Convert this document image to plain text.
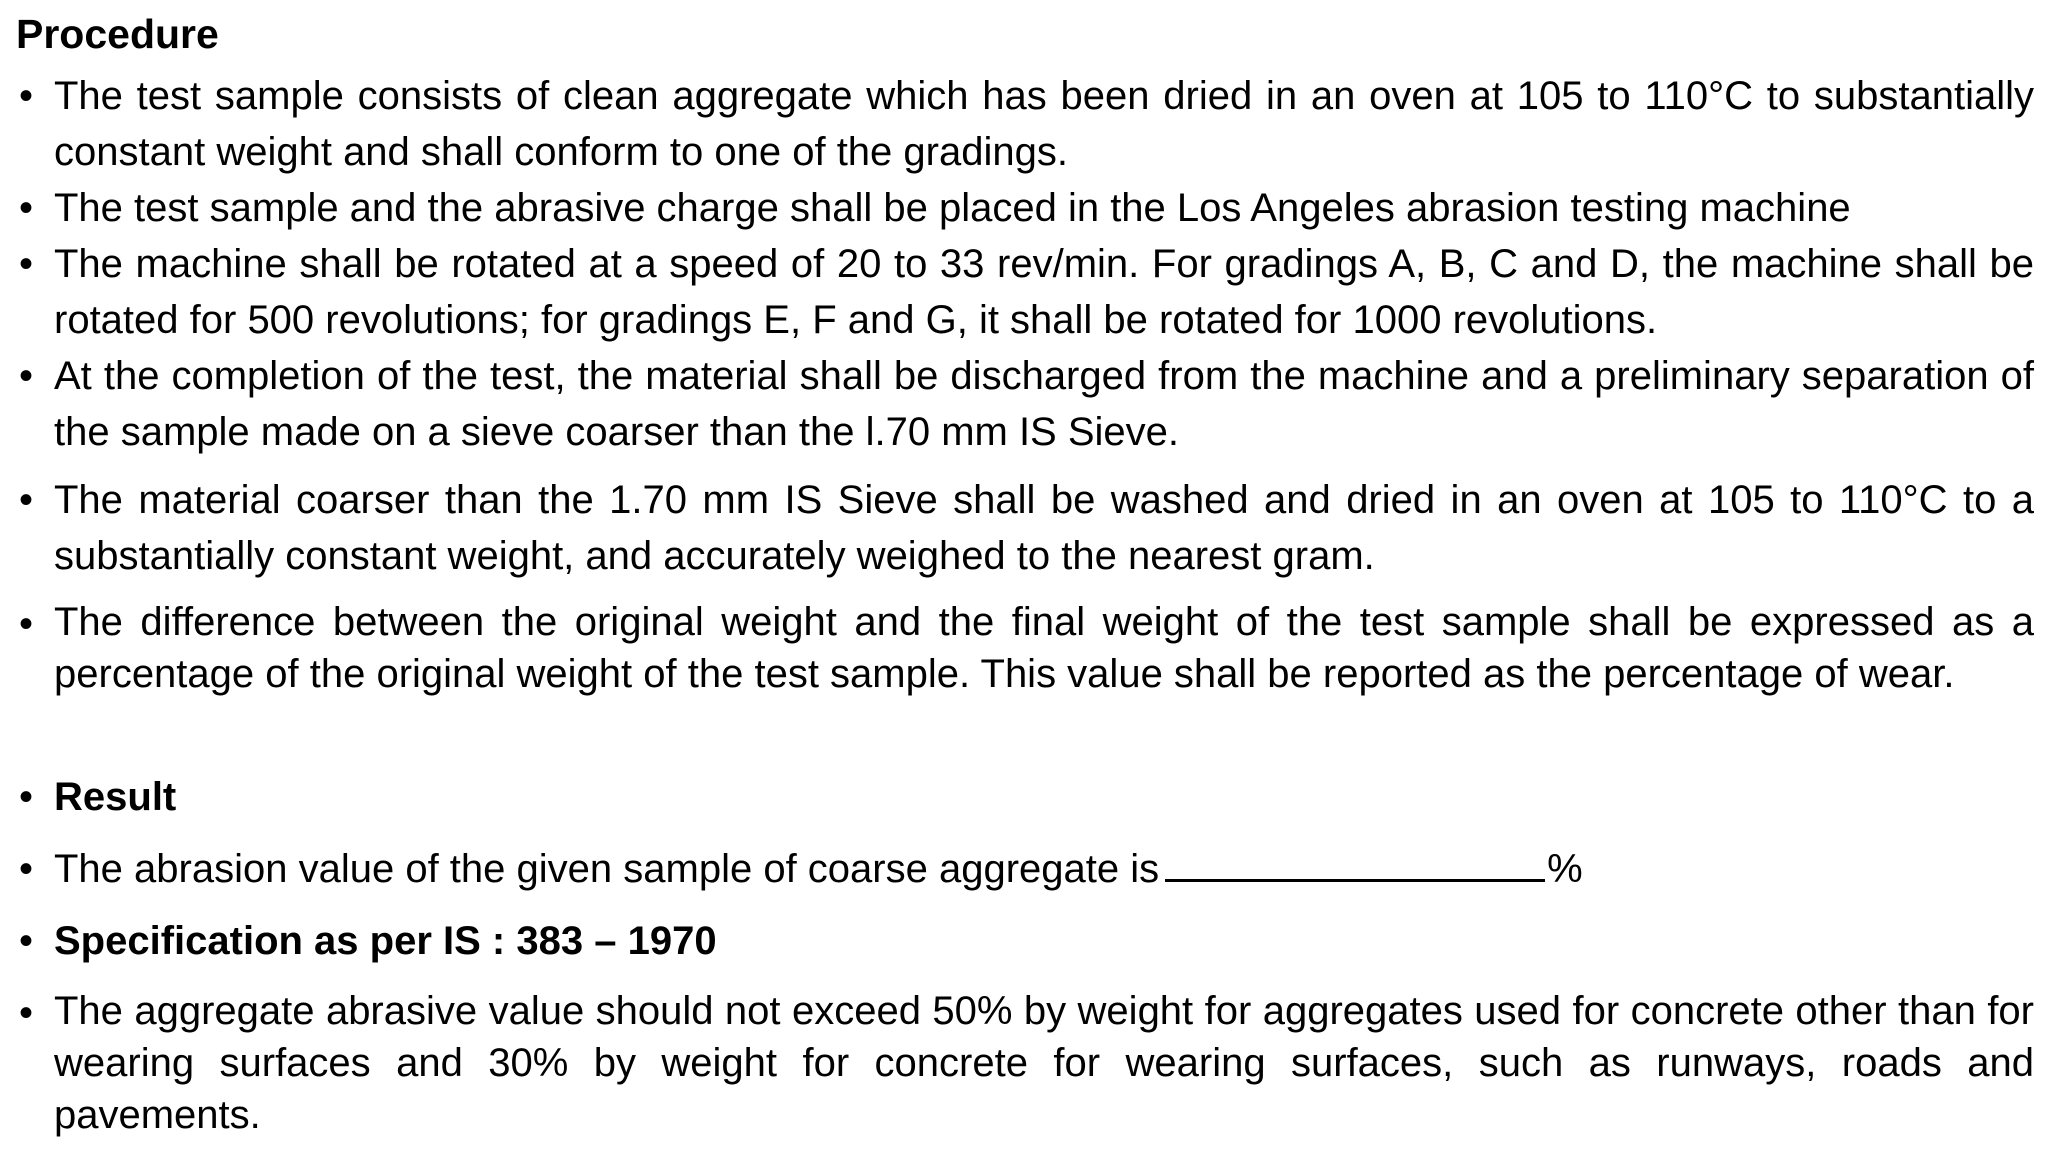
Procedure
• The test sample consists of clean aggregate which has been dried in an oven at 105 to 110°C to substantially constant weight and shall conform to one of the gradings.
• The test sample and the abrasive charge shall be placed in the Los Angeles abrasion testing machine
• The machine shall be rotated at a speed of 20 to 33 rev/min. For gradings A, B, C and D, the machine shall be rotated for 500 revolutions; for gradings E, F and G, it shall be rotated for 1000 revolutions.
• At the completion of the test, the material shall be discharged from the machine and a preliminary separation of the sample made on a sieve coarser than the l.70 mm IS Sieve.
• The material coarser than the 1.70 mm IS Sieve shall be washed and dried in an oven at 105 to 110°C to a substantially constant weight, and accurately weighed to the nearest gram.
• The difference between the original weight and the final weight of the test sample shall be expressed as a percentage of the original weight of the test sample. This value shall be reported as the percentage of wear.
• Result
• The abrasion value of the given sample of coarse aggregate is	%
• Specification as per IS : 383 – 1970
• The aggregate abrasive value should not exceed 50% by weight for aggregates used for concrete other than for wearing surfaces and 30% by weight for concrete for wearing surfaces, such as runways, roads and pavements.
